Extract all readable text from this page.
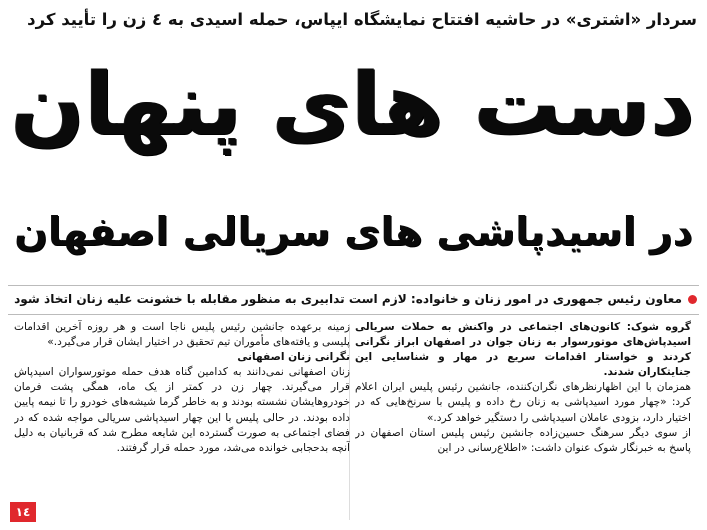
سردار «اشتری» در حاشیه افتتاح نمایشگاه ایپاس، حمله اسیدی به ٤ زن را تأیید کرد
دست های پنهان
در اسیدپاشی های سریالی اصفهان
معاون رئیس جمهوری در امور زنان و خانواده: لازم است تدابیری به منظور مقابله با خشونت علیه زنان اتخاذ شود

گروه شوک: کانون‌های اجتماعی در واکنش به حملات سریالی اسیدپاش‌های موتورسوار به زنان جوان در اصفهان ابراز نگرانی کردند و خواستار اقدامات سریع در مهار و شناسایی این جنایتکاران شدند.

همزمان با این اظهارنظرهای نگران‌کننده، جانشین رئیس پلیس ایران اعلام کرد: «چهار مورد اسیدپاشی به زنان رخ داده و پلیس با سرنخ‌هایی که در اختیار دارد، بزودی عاملان اسیدپاشی را دستگیر خواهد کرد.»

از سوی دیگر سرهنگ حسین‌زاده جانشین رئیس پلیس استان اصفهان در پاسخ به خبرنگار شوک عنوان داشت: «اطلاع‌رسانی در این

زمینه برعهده جانشین رئیس پلیس ناجا است و هر روزه آخرین اقدامات پلیسی و یافته‌های مأموران تیم تحقیق در اختیار ایشان قرار می‌گیرد.»

نگرانی زنان اصفهانی

زنان اصفهانی نمی‌دانند به کدامین گناه هدف حمله موتورسواران اسیدپاش قرار می‌گیرند. چهار زن در کمتر از یک ماه، همگی پشت فرمان خودروهایشان نشسته بودند و به خاطر گرما شیشه‌های خودرو را تا نیمه پایین داده بودند. در حالی پلیس با این چهار اسیدپاشی سریالی مواجه شده که در فضای اجتماعی به صورت گسترده این شایعه مطرح شد که قربانیان به دلیل آنچه بدحجابی خوانده می‌شد، مورد حمله قرار گرفتند.

١٤
